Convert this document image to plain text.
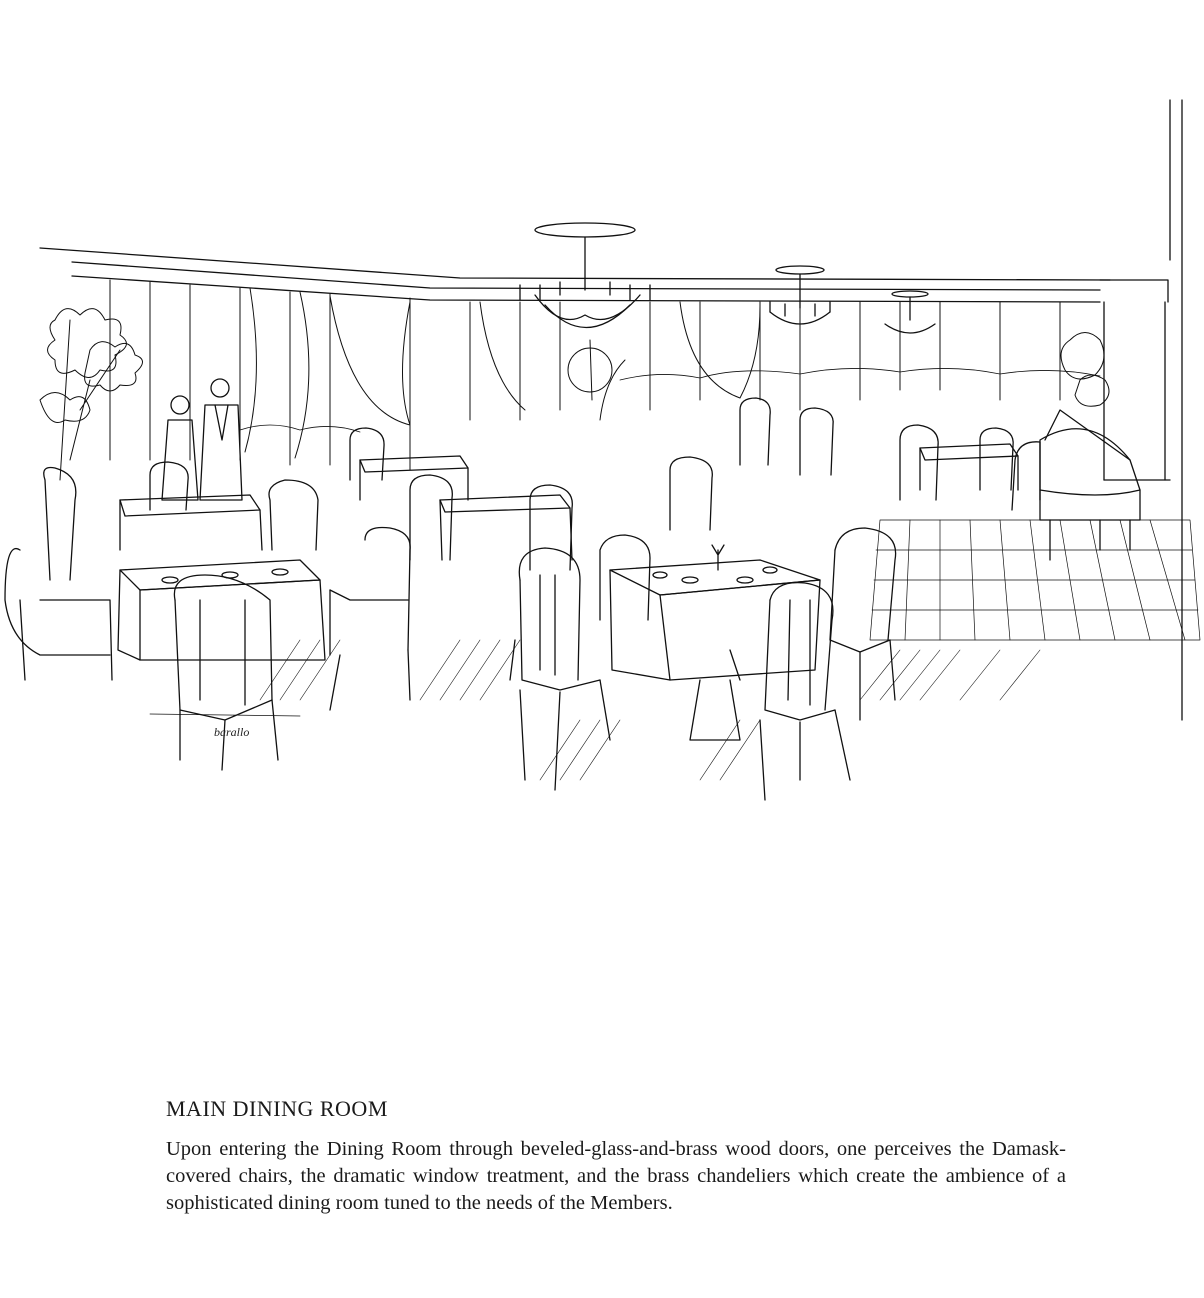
barallo
MAIN DINING ROOM

Upon entering the Dining Room through beveled-glass-and-brass wood doors, one perceives the Damask-covered chairs, the dramatic window treatment, and the brass chandeliers which create the ambience of a sophisticated dining room tuned to the needs of the Members.
